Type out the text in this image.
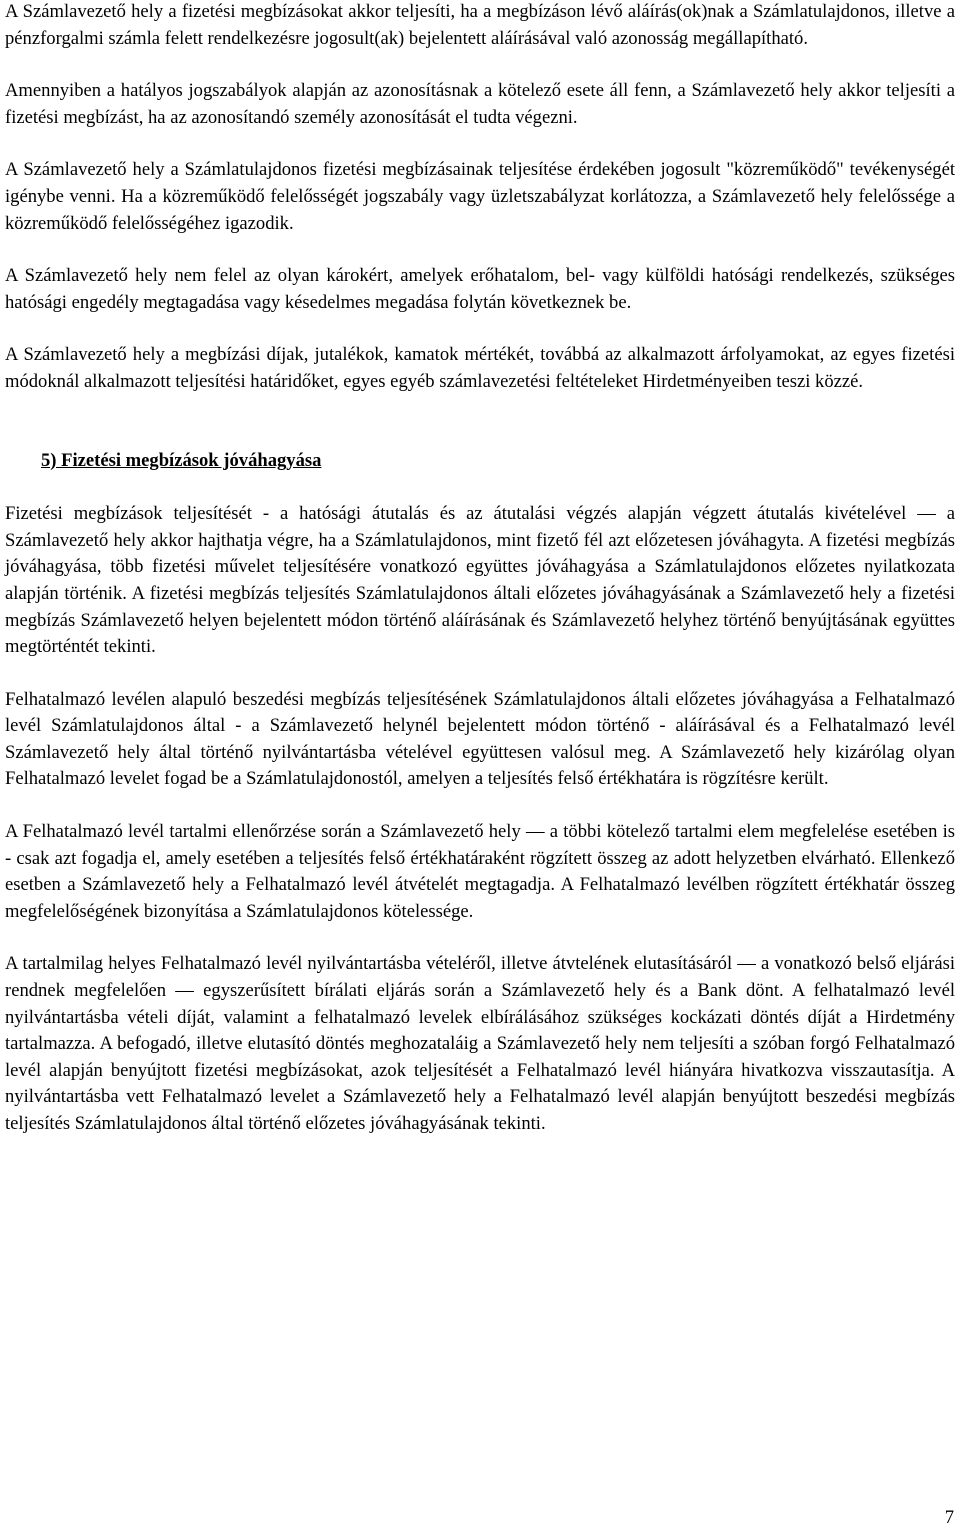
A Számlavezető hely a fizetési megbízásokat akkor teljesíti, ha a megbízáson lévő aláírás(ok)nak a Számlatulajdonos, illetve a pénzforgalmi számla felett rendelkezésre jogosult(ak) bejelentett aláírásával való azonosság megállapítható.

Amennyiben a hatályos jogszabályok alapján az azonosításnak a kötelező esete áll fenn, a Számlavezető hely akkor teljesíti a fizetési megbízást, ha az azonosítandó személy azonosítását el tudta végezni.

A Számlavezető hely a Számlatulajdonos fizetési megbízásainak teljesítése érdekében jogosult "közreműködő" tevékenységét igénybe venni. Ha a közreműködő felelősségét jogszabály vagy üzletszabályzat korlátozza, a Számlavezető hely felelőssége a közreműködő felelősségéhez igazodik.

A Számlavezető hely nem felel az olyan károkért, amelyek erőhatalom, bel- vagy külföldi hatósági rendelkezés, szükséges hatósági engedély megtagadása vagy késedelmes megadása folytán következnek be.

A Számlavezető hely a megbízási díjak, jutalékok, kamatok mértékét, továbbá az alkalmazott árfolyamokat, az egyes fizetési módoknál alkalmazott teljesítési határidőket, egyes egyéb számlavezetési feltételeket Hirdetményeiben teszi közzé.

5) Fizetési megbízások jóváhagyása

Fizetési megbízások teljesítését - a hatósági átutalás és az átutalási végzés alapján végzett átutalás kivételével — a Számlavezető hely akkor hajthatja végre, ha a Számlatulajdonos, mint fizető fél azt előzetesen jóváhagyta. A fizetési megbízás jóváhagyása, több fizetési művelet teljesítésére vonatkozó együttes jóváhagyása a Számlatulajdonos előzetes nyilatkozata alapján történik. A fizetési megbízás teljesítés Számlatulajdonos általi előzetes jóváhagyásának a Számlavezető hely a fizetési megbízás Számlavezető helyen bejelentett módon történő aláírásának és Számlavezető helyhez történő benyújtásának együttes megtörténtét tekinti.

Felhatalmazó levélen alapuló beszedési megbízás teljesítésének Számlatulajdonos általi előzetes jóváhagyása a Felhatalmazó levél Számlatulajdonos által - a Számlavezető helynél bejelentett módon történő - aláírásával és a Felhatalmazó levél Számlavezető hely által történő nyilvántartásba vételével együttesen valósul meg. A Számlavezető hely kizárólag olyan Felhatalmazó levelet fogad be a Számlatulajdonostól, amelyen a teljesítés felső értékhatára is rögzítésre került.

A Felhatalmazó levél tartalmi ellenőrzése során a Számlavezető hely — a többi kötelező tartalmi elem megfelelése esetében is - csak azt fogadja el, amely esetében a teljesítés felső értékhatáraként rögzített összeg az adott helyzetben elvárható. Ellenkező esetben a Számlavezető hely a Felhatalmazó levél átvételét megtagadja. A Felhatalmazó levélben rögzített értékhatár összeg megfelelőségének bizonyítása a Számlatulajdonos kötelessége.

A tartalmilag helyes Felhatalmazó levél nyilvántartásba vételéről, illetve átvtelének elutasításáról — a vonatkozó belső eljárási rendnek megfelelően — egyszerűsített bírálati eljárás során a Számlavezető hely és a Bank dönt. A felhatalmazó levél nyilvántartásba vételi díját, valamint a felhatalmazó levelek elbírálásához szükséges kockázati döntés díját a Hirdetmény tartalmazza. A befogadó, illetve elutasító döntés meghozataláig a Számlavezető hely nem teljesíti a szóban forgó Felhatalmazó levél alapján benyújtott fizetési megbízásokat, azok teljesítését a Felhatalmazó levél hiányára hivatkozva visszautasítja. A nyilvántartásba vett Felhatalmazó levelet a Számlavezető hely a Felhatalmazó levél alapján benyújtott beszedési megbízás teljesítés Számlatulajdonos által történő előzetes jóváhagyásának tekinti.

7
